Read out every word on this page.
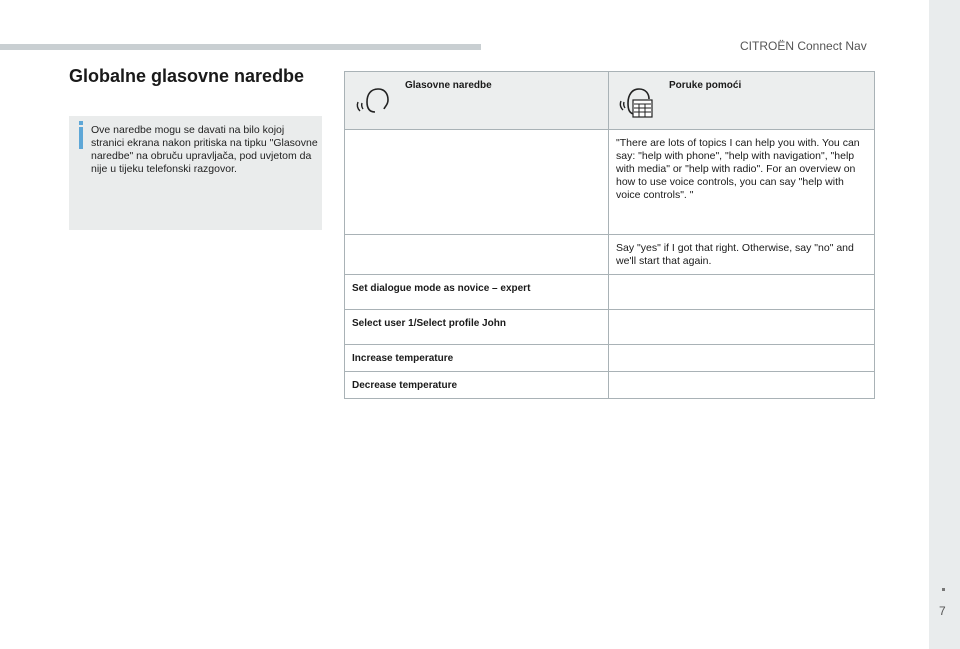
CITROËN Connect Nav
Globalne glasovne naredbe
Ove naredbe mogu se davati na bilo kojoj stranici ekrana nakon pritiska na tipku "Glasovne naredbe" na obruču upravljača, pod uvjetom da nije u tijeku telefonski razgovor.
Glasovne naredbe	Poruke pomoći

	"There are lots of topics I can help you with. You can say: "help with phone", "help with navigation", "help with media" or "help with radio". For an overview on how to use voice controls, you can say "help with voice controls". "

	Say "yes" if I got that right. Otherwise, say "no" and we'll start that again.

Set dialogue mode as novice – expert	

Select user 1/Select profile John	

Increase temperature	

Decrease temperature	

7
